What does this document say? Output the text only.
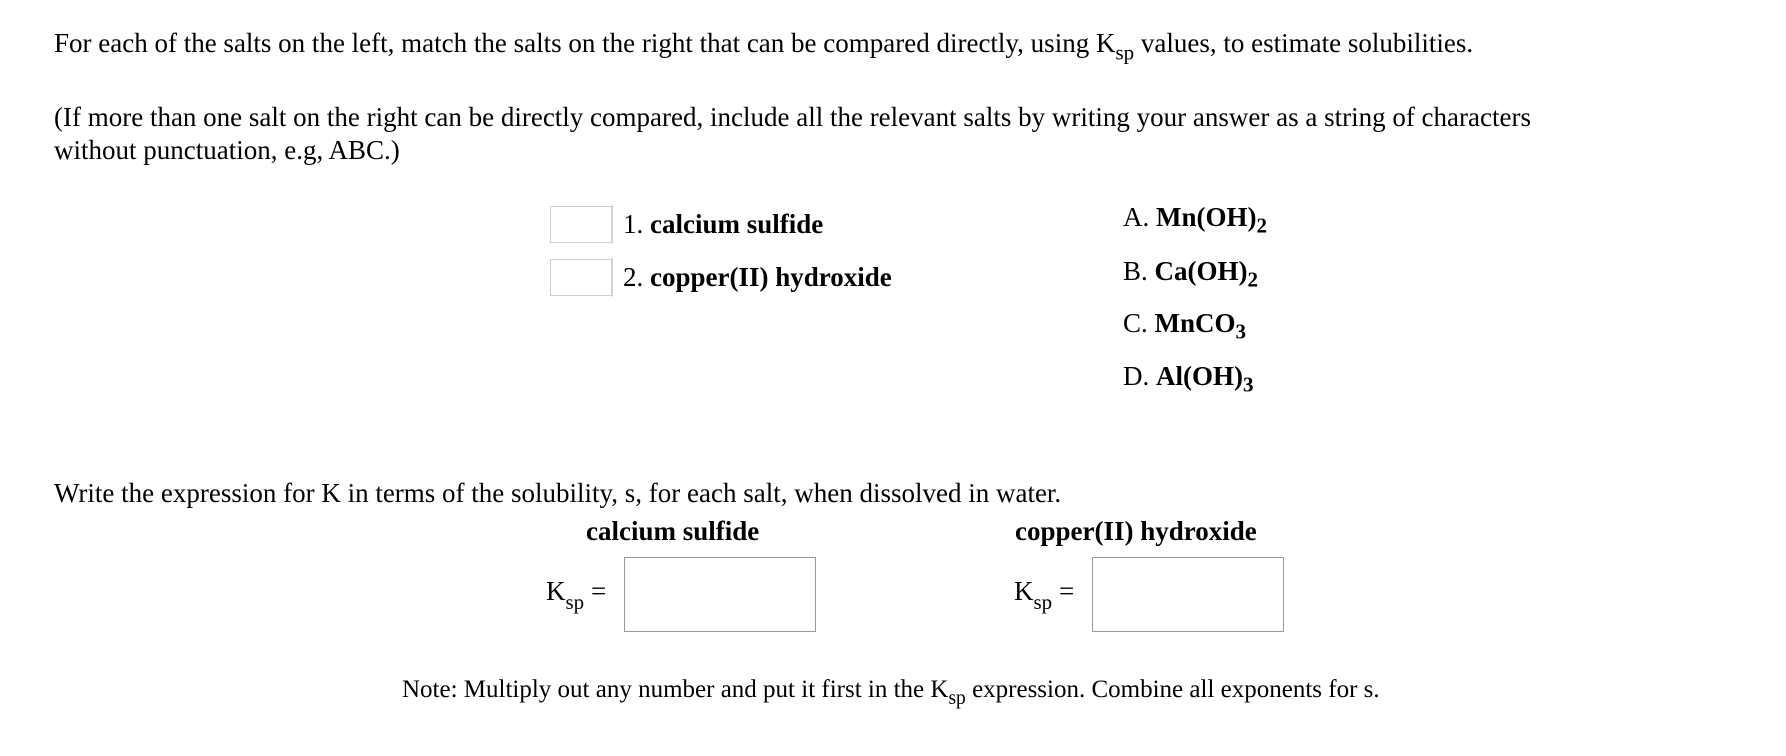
For each of the salts on the left, match the salts on the right that can be compared directly, using $K_{sp}$ values, to estimate solubilities.
(If more than one salt on the right can be directly compared, include all the relevant salts by writing your answer as a string of characters
without punctuation, e.g, ABC.)
1. calcium sulfide
2. copper(II) hydroxide
A. $Mn(OH)_2$
B. $Ca(OH)_2$
C. MnCO$_3$
D. $Al(OH)_3$
Write the expression for K in terms of the solubility, s, for each salt, when dissolved in water.
calcium sulfide	copper(II) hydroxide
$K_{sp}$ =	$K_{sp}$ =
Note: Multiply out any number and put it first in the $K_{sp}$ expression. Combine all exponents for s.
